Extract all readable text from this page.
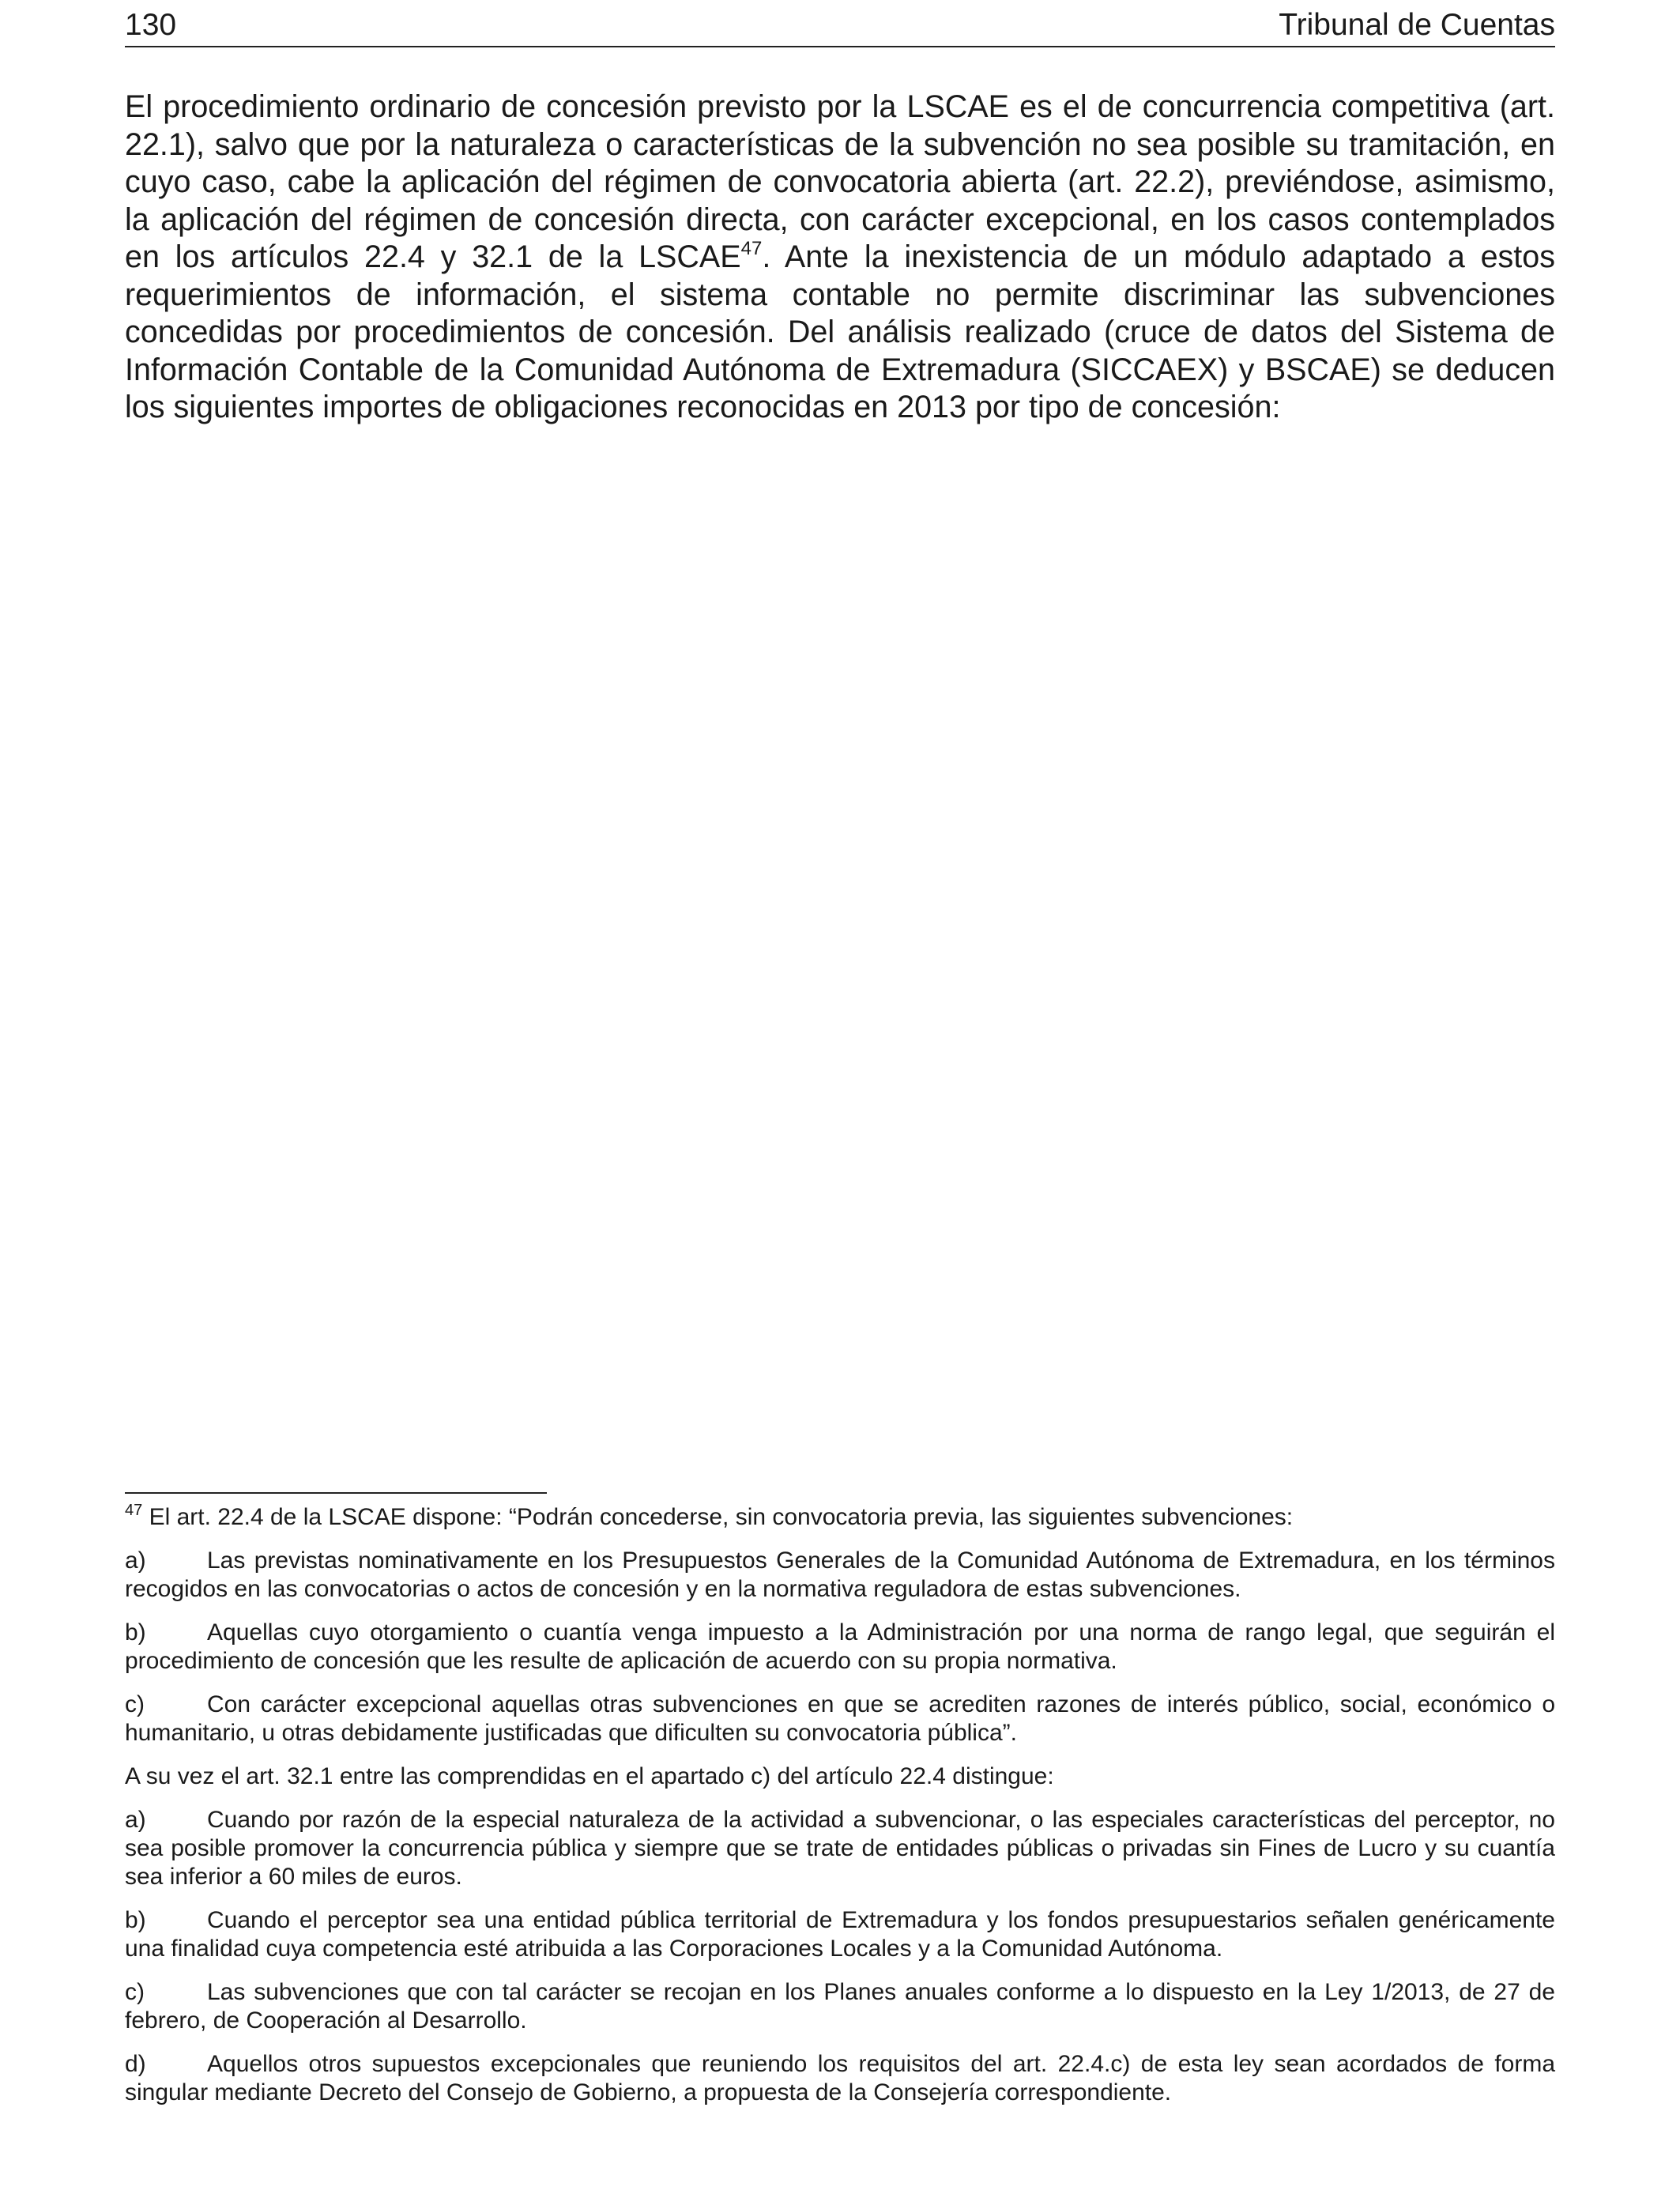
130	Tribunal de Cuentas

El procedimiento ordinario de concesión previsto por la LSCAE es el de concurrencia competitiva (art. 22.1), salvo que por la naturaleza o características de la subvención no sea posible su tramitación, en cuyo caso, cabe la aplicación del régimen de convocatoria abierta (art. 22.2), previéndose, asimismo, la aplicación del régimen de concesión directa, con carácter excepcional, en los casos contemplados en los artículos 22.4 y 32.1 de la LSCAE$^{47}$. Ante la inexistencia de un módulo adaptado a estos requerimientos de información, el sistema contable no permite discriminar las subvenciones concedidas por procedimientos de concesión. Del análisis realizado (cruce de datos del Sistema de Información Contable de la Comunidad Autónoma de Extremadura (SICCAEX) y BSCAE) se deducen los siguientes importes de obligaciones reconocidas en 2013 por tipo de concesión:

$^{47}$ El art. 22.4 de la LSCAE dispone: “Podrán concederse, sin convocatoria previa, las siguientes subvenciones:

a)	Las previstas nominativamente en los Presupuestos Generales de la Comunidad Autónoma de Extremadura, en los términos recogidos en las convocatorias o actos de concesión y en la normativa reguladora de estas subvenciones.

b)	Aquellas cuyo otorgamiento o cuantía venga impuesto a la Administración por una norma de rango legal, que seguirán el procedimiento de concesión que les resulte de aplicación de acuerdo con su propia normativa.

c)	Con carácter excepcional aquellas otras subvenciones en que se acrediten razones de interés público, social, económico o humanitario, u otras debidamente justificadas que dificulten su convocatoria pública”.

A su vez el art. 32.1 entre las comprendidas en el apartado c) del artículo 22.4 distingue:

a)	Cuando por razón de la especial naturaleza de la actividad a subvencionar, o las especiales características del perceptor, no sea posible promover la concurrencia pública y siempre que se trate de entidades públicas o privadas sin Fines de Lucro y su cuantía sea inferior a 60 miles de euros.

b)	Cuando el perceptor sea una entidad pública territorial de Extremadura y los fondos presupuestarios señalen genéricamente una finalidad cuya competencia esté atribuida a las Corporaciones Locales y a la Comunidad Autónoma.

c)	Las subvenciones que con tal carácter se recojan en los Planes anuales conforme a lo dispuesto en la Ley 1/2013, de 27 de febrero, de Cooperación al Desarrollo.

d)	Aquellos otros supuestos excepcionales que reuniendo los requisitos del art. 22.4.c) de esta ley sean acordados de forma singular mediante Decreto del Consejo de Gobierno, a propuesta de la Consejería correspondiente.
